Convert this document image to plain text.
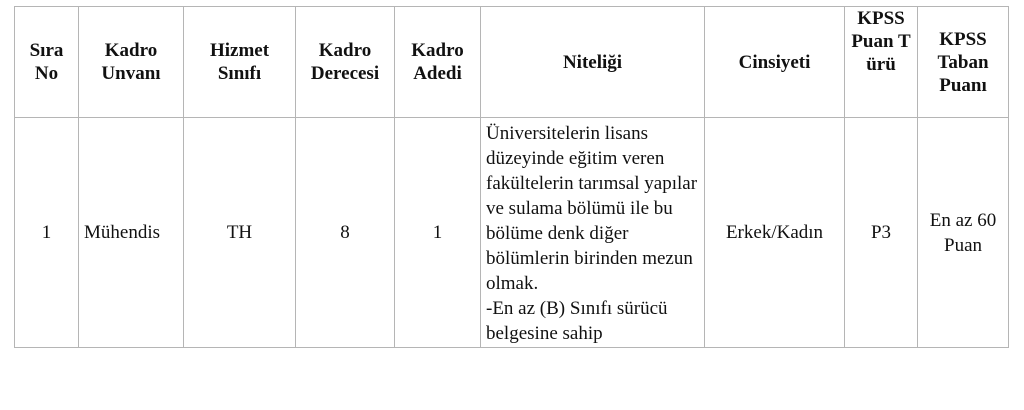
Sıra No	Kadro Unvanı	Hizmet Sınıfı	Kadro Derecesi	Kadro Adedi	Niteliği	Cinsiyeti	KPSS Puan Türü	KPSS Taban Puanı
1	Mühendis	TH	8	1	Üniversitelerin lisans düzeyinde eğitim veren fakültelerin tarımsal yapılar ve sulama bölümü ile bu bölüme denk diğer bölümlerin birinden mezun olmak.
-En az (B) Sınıfı sürücü belgesine sahip	Erkek/Kadın	P3	En az 60 Puan
